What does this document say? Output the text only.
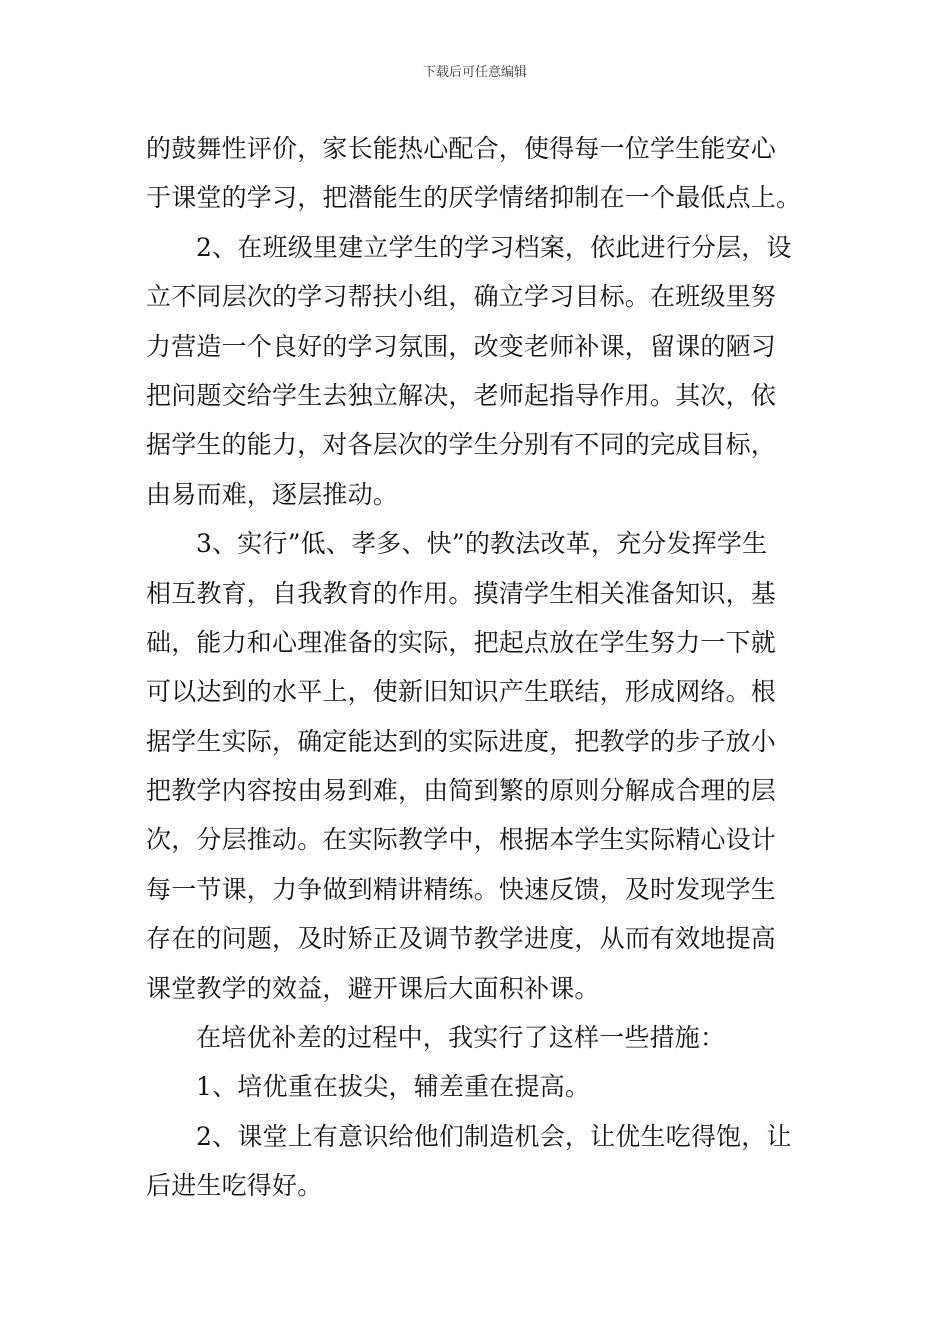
下载后可任意编辑
的鼓舞性评价，家长能热心配合，使得每一位学生能安心
于课堂的学习，把潜能生的厌学情绪抑制在一个最低点上。
2、在班级里建立学生的学习档案，依此进行分层，设
立不同层次的学习帮扶小组，确立学习目标。在班级里努
力营造一个良好的学习氛围，改变老师补课，留课的陋习
把问题交给学生去独立解决，老师起指导作用。其次，依
据学生的能力，对各层次的学生分别有不同的完成目标，
由易而难，逐层推动。
3、实行”低、孝多、快”的教法改革，充分发挥学生
相互教育，自我教育的作用。摸清学生相关准备知识，基
础，能力和心理准备的实际，把起点放在学生努力一下就
可以达到的水平上，使新旧知识产生联结，形成网络。根
据学生实际，确定能达到的实际进度，把教学的步子放小
把教学内容按由易到难，由简到繁的原则分解成合理的层
次，分层推动。在实际教学中，根据本学生实际精心设计
每一节课，力争做到精讲精练。快速反馈，及时发现学生
存在的问题，及时矫正及调节教学进度，从而有效地提高
课堂教学的效益，避开课后大面积补课。
在培优补差的过程中，我实行了这样一些措施：
1、培优重在拔尖，辅差重在提高。
2、课堂上有意识给他们制造机会，让优生吃得饱，让
后进生吃得好。
